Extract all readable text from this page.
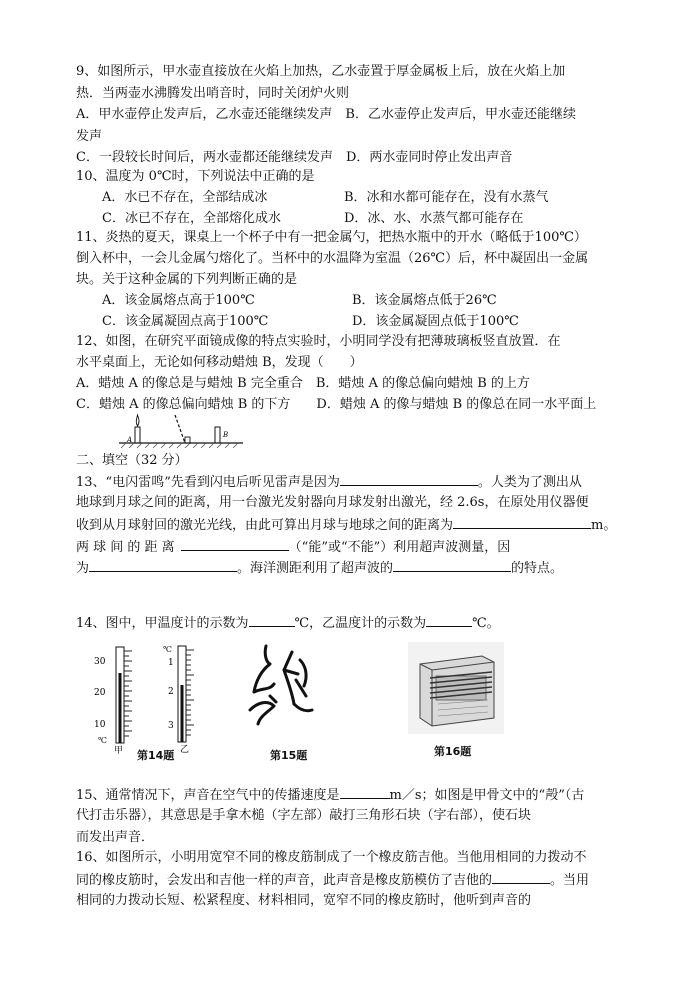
9、如图所示，甲水壶直接放在火焰上加热，乙水壶置于厚金属板上后，放在火焰上加
热．当两壶水沸腾发出哨音时，同时关闭炉火则
A．甲水壶停止发声后，乙水壶还能继续发声　B．乙水壶停止发声后，甲水壶还能继续
发声
C．一段较长时间后，两水壶都还能继续发声　D．两水壶同时停止发出声音
10、温度为 0℃时，下列说法中正确的是
A．水已不存在，全部结成冰	B．冰和水都可能存在，没有水蒸气
C．冰已不存在，全部熔化成水	D．冰、水、水蒸气都可能存在
11、炎热的夏天，课桌上一个杯子中有一把金属勺，把热水瓶中的开水（略低于100℃）
倒入杯中，一会儿金属勺熔化了。当杯中的水温降为室温（26℃）后，杯中凝固出一金属
块。关于这种金属的下列判断正确的是
A．该金属熔点高于100℃	B．该金属熔点低于26℃
C．该金属凝固点高于100℃	D．该金属凝固点低于100℃
12、如图，在研究平面镜成像的特点实验时，小明同学没有把薄玻璃板竖直放置．在
水平桌面上，无论如何移动蜡烛 B，发现（　　）
A．蜡烛 A 的像总是与蜡烛 B 完全重合　B．蜡烛 A 的像总偏向蜡烛 B 的上方
C．蜡烛 A 的像总偏向蜡烛 B 的下方　　D．蜡烛 A 的像与蜡烛 B 的像总在同一水平面上
A
B
二、填空（32 分）
13、“电闪雷鸣”先看到闪电后听见雷声是因为	。人类为了测出从
地球到月球之间的距离，用一台激光发射器向月球发射出激光，经 2.6s，在原处用仪器便
收到从月球射回的激光光线，由此可算出月球与地球之间的距离为	m。
两 球 间 的 距 离	（“能”或“不能”）利用超声波测量，因
为	。海洋测距利用了超声波的	的特点。
14、图中，甲温度计的示数为	℃，乙温度计的示数为	℃。
30
20
10
℃
甲
℃
1
2
3
乙
第14题	第15题	第16题
15、通常情况下，声音在空气中的传播速度是	m／s；如图是甲骨文中的“殸”（古
代打击乐器），其意思是手拿木槌（字左部）敲打三角形石块（字右部），使石块
而发出声音．
16、如图所示，小明用宽窄不同的橡皮筋制成了一个橡皮筋吉他。当他用相同的力拨动不
同的橡皮筋时，会发出和吉他一样的声音，此声音是橡皮筋模仿了吉他的	。当用
相同的力拨动长短、松紧程度、材料相同，宽窄不同的橡皮筋时，他听到声音的
